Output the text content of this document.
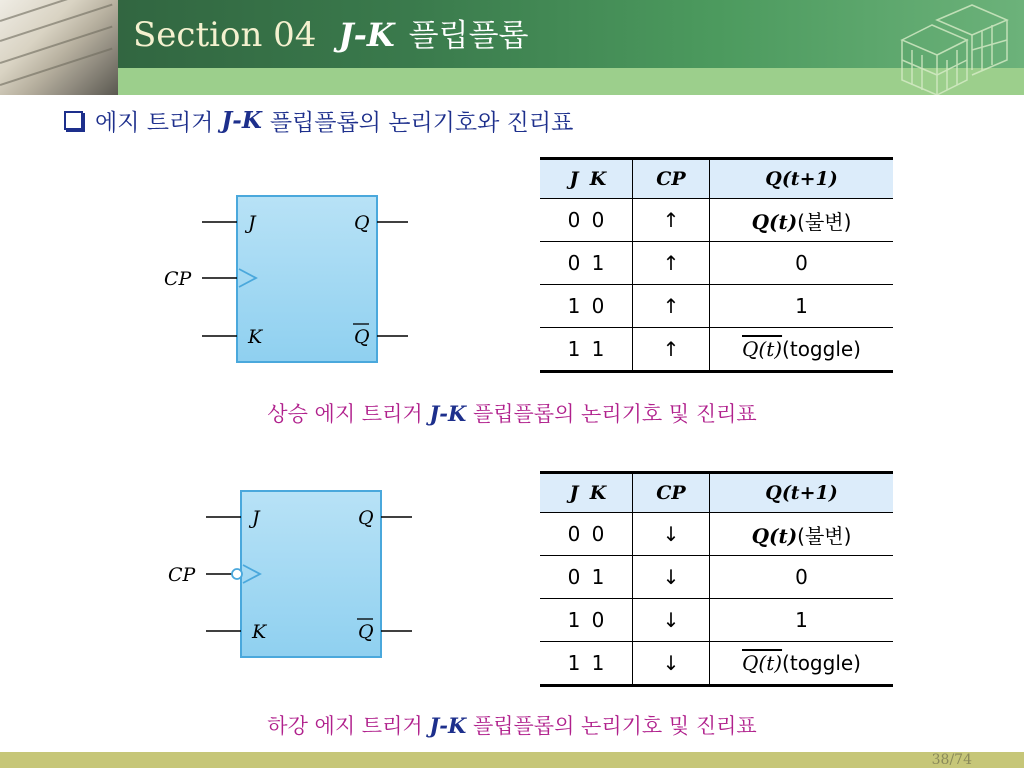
Section 04 J-K 플립플롭
에지 트리거 J-K 플립플롭의 논리기호와 진리표
J
K
Q
Q
CP
J K	CP	Q(t+1)
0 0	↑	Q(t)(불변)
0 1	↑	0
1 0	↑	1
1 1	↑	Q(t)(toggle)
상승 에지 트리거 J-K 플립플롭의 논리기호 및 진리표
J
K
Q
Q
CP
J K	CP	Q(t+1)
0 0	↓	Q(t)(불변)
0 1	↓	0
1 0	↓	1
1 1	↓	Q(t)(toggle)
하강 에지 트리거 J-K 플립플롭의 논리기호 및 진리표
38/74
